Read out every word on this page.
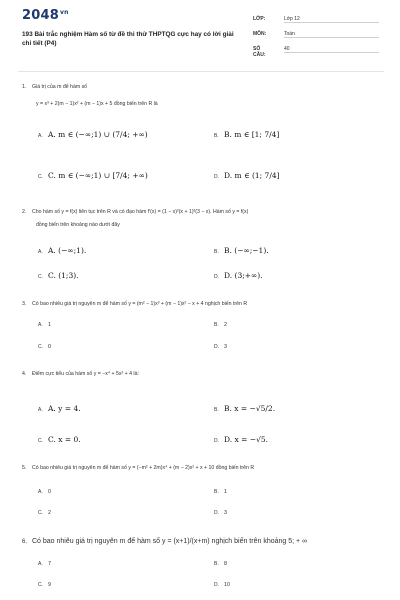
$2048^{vn}$
193 Bài trắc nghiệm Hàm số từ đề thi thử THPTQG cực hay có lời giải chi tiết (P4)
LỚP:	Lớp 12
MÔN:	Toán
SỐ CÂU:
40
1. Giá trị của m để hàm số
y = x³ + 2(m − 1)x² + (m − 1)x + 5 đồng biến trên R là
A. A. m ∈ (−∞;1) ∪ (7/4; +∞)	B. B. m ∈ [1; 7/4]
C. C. m ∈ (−∞;1) ∪ [7/4; +∞)	D. D. m ∈ (1; 7/4]
2. Cho hàm số y = f(x) liên tục trên R và có đạo hàm f′(x) = (1 − x)²(x + 1)³(3 − x). Hàm số y = f(x)
đồng biến trên khoảng nào dưới đây
A. A. (−∞;1).	B. B. (−∞;−1).
C. C. (1;3).	D. D. (3;+∞).
3. Có bao nhiêu giá trị nguyên m để hàm số y = (m² − 1)x³ + (m − 1)x² − x + 4 nghịch biến trên R
A. 1	B. 2
C. 0	D. 3
4. Điểm cực tiểu của hàm số y = −x⁴ + 5x² + 4 là:
A. A. y = 4.	B. B. x = −√5/2.
C. C. x = 0.	D. D. x = −√5.
5. Có bao nhiêu giá trị nguyên m để hàm số y = (−m² + 2m)x⁴ + (m − 2)x² + x + 10 đồng biến trên R
A. 0	B. 1
C. 2	D. 3
6. Có bao nhiêu giá trị nguyên m để hàm số y = (x+1)/(x+m) nghịch biến trên khoảng 5; + ∞
A. 7	B. 8
C. 9	D. 10
